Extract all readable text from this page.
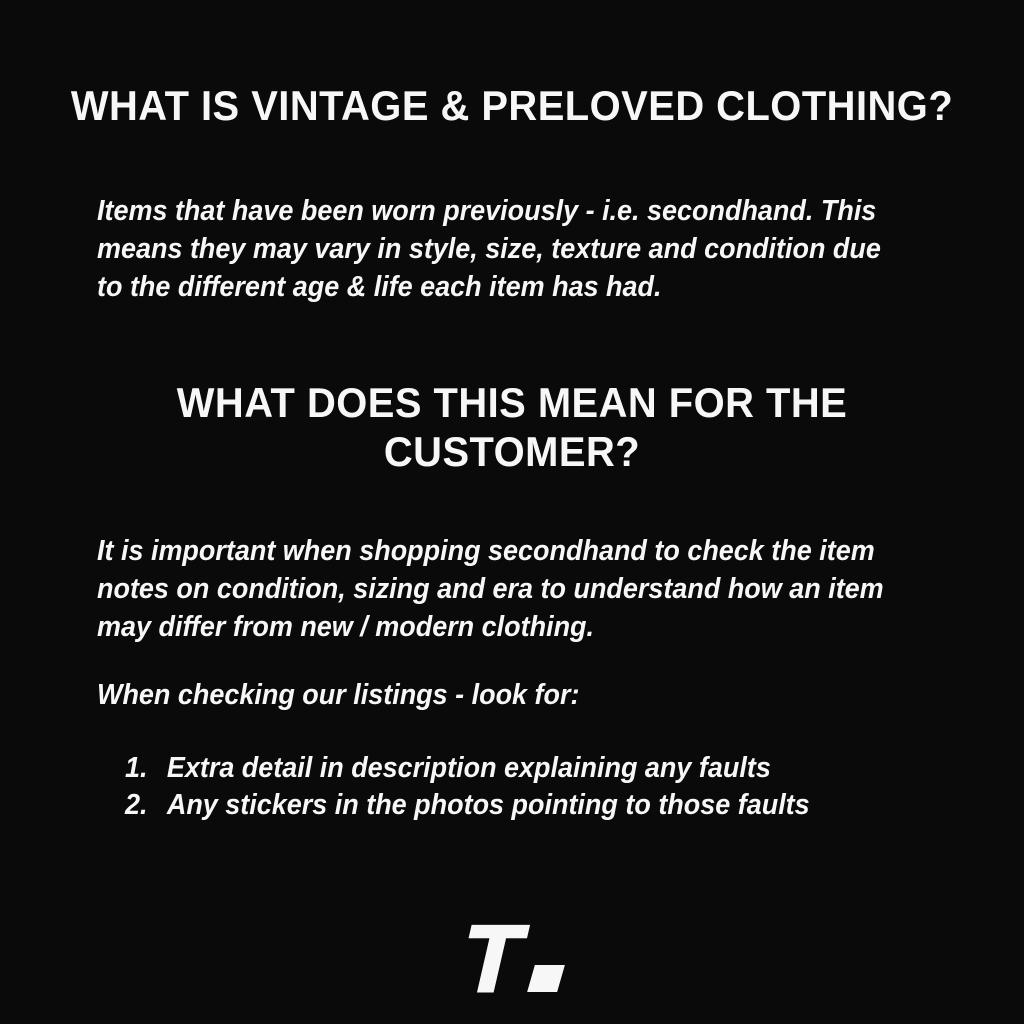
WHAT IS VINTAGE & PRELOVED CLOTHING?
Items that have been worn previously - i.e. secondhand. This
means they may vary in style, size, texture and condition due
to the different age & life each item has had.
WHAT DOES THIS MEAN FOR THE
CUSTOMER?
It is important when shopping secondhand to check the item
notes on condition, sizing and era to understand how an item
may differ from new / modern clothing.
When checking our listings - look for:
1. Extra detail in description explaining any faults
2. Any stickers in the photos pointing to those faults
T
